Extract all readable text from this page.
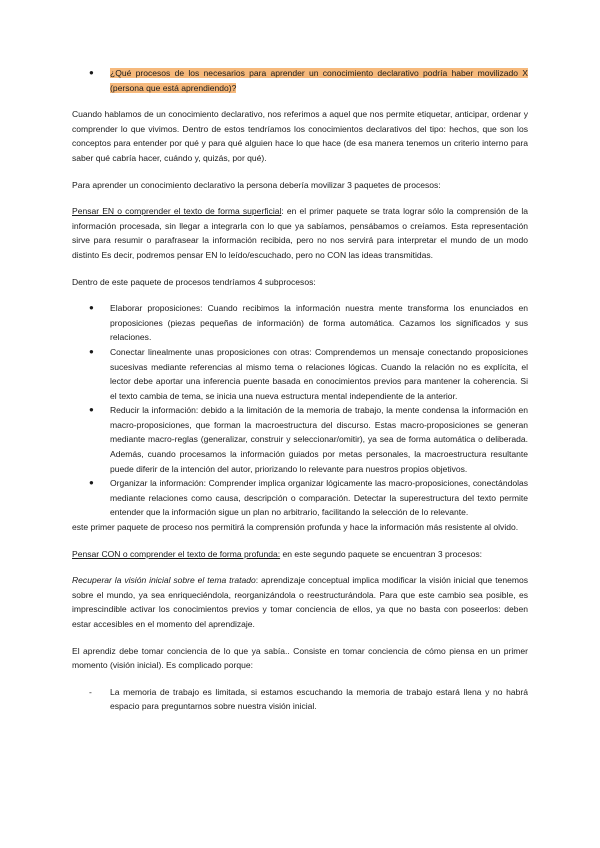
● ¿Qué procesos de los necesarios para aprender un conocimiento declarativo podría haber movilizado X (persona que está aprendiendo)?

Cuando hablamos de un conocimiento declarativo, nos referimos a aquel que nos permite etiquetar, anticipar, ordenar y comprender lo que vivimos. Dentro de estos tendríamos los conocimientos declarativos del tipo: hechos, que son los conceptos para entender por qué y para qué alguien hace lo que hace (de esa manera tenemos un criterio interno para saber qué cabría hacer, cuándo y, quizás, por qué).

Para aprender un conocimiento declarativo la persona debería movilizar 3 paquetes de procesos:

Pensar EN o comprender el texto de forma superficial: en el primer paquete se trata lograr sólo la comprensión de la información procesada, sin llegar a integrarla con lo que ya sabíamos, pensábamos o creíamos. Esta representación sirve para resumir o parafrasear la información recibida, pero no nos servirá para interpretar el mundo de un modo distinto Es decir, podremos pensar EN lo leído/escuchado, pero no CON las ideas transmitidas.

Dentro de este paquete de procesos tendríamos 4 subprocesos:

● Elaborar proposiciones: Cuando recibimos la información nuestra mente transforma los enunciados en proposiciones (piezas pequeñas de información) de forma automática. Cazamos los significados y sus relaciones.
● Conectar linealmente unas proposiciones con otras: Comprendemos un mensaje conectando proposiciones sucesivas mediante referencias al mismo tema o relaciones lógicas. Cuando la relación no es explícita, el lector debe aportar una inferencia puente basada en conocimientos previos para mantener la coherencia. Si el texto cambia de tema, se inicia una nueva estructura mental independiente de la anterior.
● Reducir la información: debido a la limitación de la memoria de trabajo, la mente condensa la información en macro-proposiciones, que forman la macroestructura del discurso. Estas macro-proposiciones se generan mediante macro-reglas (generalizar, construir y seleccionar/omitir), ya sea de forma automática o deliberada. Además, cuando procesamos la información guiados por metas personales, la macroestructura resultante puede diferir de la intención del autor, priorizando lo relevante para nuestros propios objetivos.
● Organizar la información: Comprender implica organizar lógicamente las macro-proposiciones, conectándolas mediante relaciones como causa, descripción o comparación. Detectar la superestructura del texto permite entender que la información sigue un plan no arbitrario, facilitando la selección de lo relevante.

este primer paquete de proceso nos permitirá la comprensión profunda y hace la información más resistente al olvido.

Pensar CON o comprender el texto de forma profunda: en este segundo paquete se encuentran 3 procesos:

Recuperar la visión inicial sobre el tema tratado: aprendizaje conceptual implica modificar la visión inicial que tenemos sobre el mundo, ya sea enriqueciéndola, reorganizándola o reestructurándola. Para que este cambio sea posible, es imprescindible activar los conocimientos previos y tomar conciencia de ellos, ya que no basta con poseerlos: deben estar accesibles en el momento del aprendizaje.

El aprendiz debe tomar conciencia de lo que ya sabía.. Consiste en tomar conciencia de cómo piensa en un primer momento (visión inicial). Es complicado porque:

- La memoria de trabajo es limitada, si estamos escuchando la memoria de trabajo estará llena y no habrá espacio para preguntarnos sobre nuestra visión inicial.
